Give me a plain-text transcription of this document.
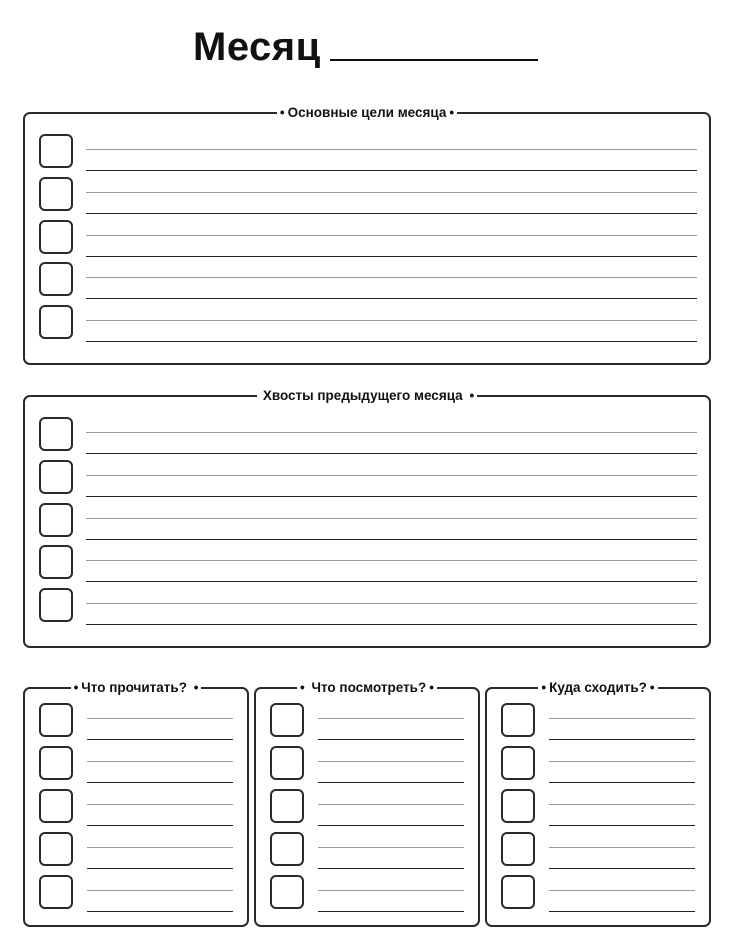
Месяц
• Основные цели месяца •
Хвосты предыдущего месяца •
• Что прочитать? •	• Что посмотреть? •	• Куда сходить? •
